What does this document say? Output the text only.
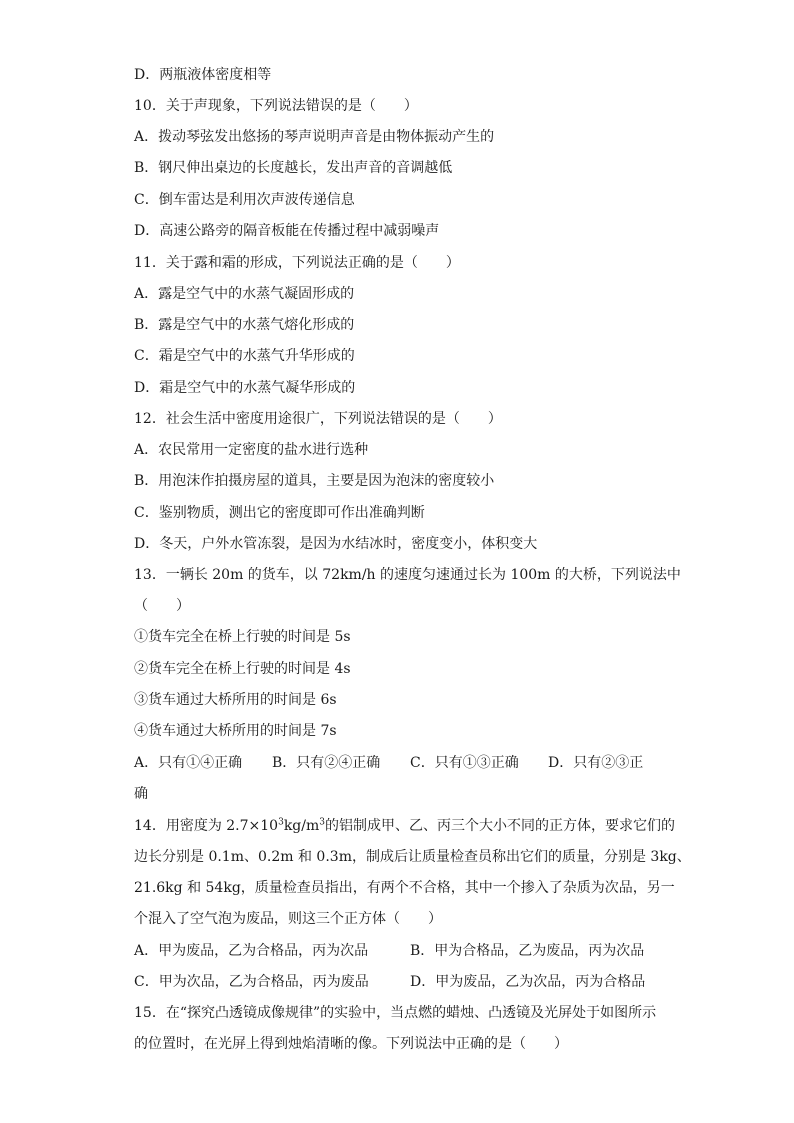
D．两瓶液体密度相等
10．关于声现象，下列说法错误的是（　　）
A．拨动琴弦发出悠扬的琴声说明声音是由物体振动产生的
B．钢尺伸出桌边的长度越长，发出声音的音调越低
C．倒车雷达是利用次声波传递信息
D．高速公路旁的隔音板能在传播过程中减弱噪声
11．关于露和霜的形成，下列说法正确的是（　　）
A．露是空气中的水蒸气凝固形成的
B．露是空气中的水蒸气熔化形成的
C．霜是空气中的水蒸气升华形成的
D．霜是空气中的水蒸气凝华形成的
12．社会生活中密度用途很广，下列说法错误的是（　　）
A．农民常用一定密度的盐水进行选种
B．用泡沫作拍摄房屋的道具，主要是因为泡沫的密度较小
C．鉴别物质，测出它的密度即可作出准确判断
D．冬天，户外水管冻裂，是因为水结冰时，密度变小，体积变大
13．一辆长 20m 的货车，以 72km/h 的速度匀速通过长为 100m 的大桥，下列说法中
（　　）
①货车完全在桥上行驶的时间是 5s
②货车完全在桥上行驶的时间是 4s
③货车通过大桥所用的时间是 6s
④货车通过大桥所用的时间是 7s
A．只有①④正确 B．只有②④正确 C．只有①③正确 D．只有②③正
确
14．用密度为 $2.7\times 10^3kg/m^3$的铝制成甲、乙、丙三个大小不同的正方体，要求它们的
边长分别是 0.1m、0.2m 和 0.3m，制成后让质量检查员称出它们的质量，分别是 3kg、
21.6kg 和 54kg，质量检查员指出，有两个不合格，其中一个掺入了杂质为次品，另一
个混入了空气泡为废品，则这三个正方体（　　）
A．甲为废品，乙为合格品，丙为次品	B．甲为合格品，乙为废品，丙为次品
C．甲为次品，乙为合格品，丙为废品	D．甲为废品，乙为次品，丙为合格品
15．在“探究凸透镜成像规律”的实验中，当点燃的蜡烛、凸透镜及光屏处于如图所示
的位置时，在光屏上得到烛焰清晰的像。下列说法中正确的是（　　）
